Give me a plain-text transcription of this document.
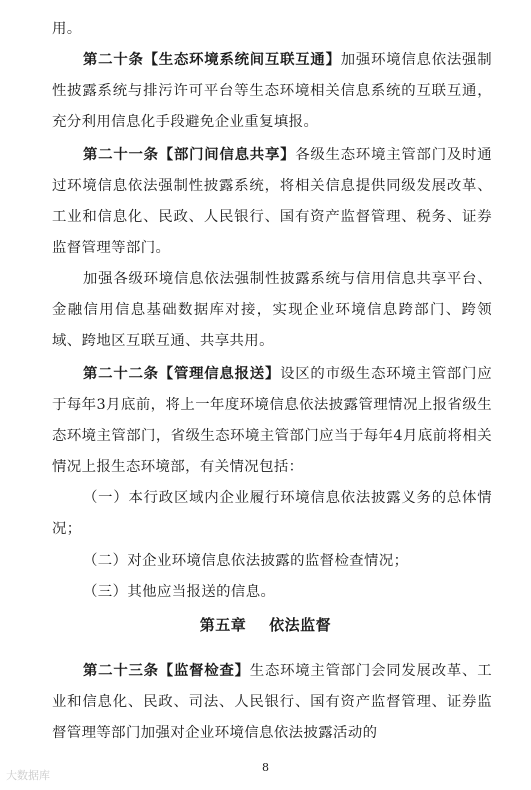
用。

第二十条【生态环境系统间互联互通】加强环境信息依法强制性披露系统与排污许可平台等生态环境相关信息系统的互联互通，充分利用信息化手段避免企业重复填报。

第二十一条【部门间信息共享】各级生态环境主管部门及时通过环境信息依法强制性披露系统，将相关信息提供同级发展改革、工业和信息化、民政、人民银行、国有资产监督管理、税务、证券监督管理等部门。

加强各级环境信息依法强制性披露系统与信用信息共享平台、金融信用信息基础数据库对接，实现企业环境信息跨部门、跨领域、跨地区互联互通、共享共用。

第二十二条【管理信息报送】设区的市级生态环境主管部门应于每年3月底前，将上一年度环境信息依法披露管理情况上报省级生态环境主管部门，省级生态环境主管部门应当于每年4月底前将相关情况上报生态环境部，有关情况包括：

（一）本行政区域内企业履行环境信息依法披露义务的总体情况；

（二）对企业环境信息依法披露的监督检查情况；

（三）其他应当报送的信息。

第五章    依法监督

第二十三条【监督检查】生态环境主管部门会同发展改革、工业和信息化、民政、司法、人民银行、国有资产监督管理、证券监督管理等部门加强对企业环境信息依法披露活动的

8
大数据库
